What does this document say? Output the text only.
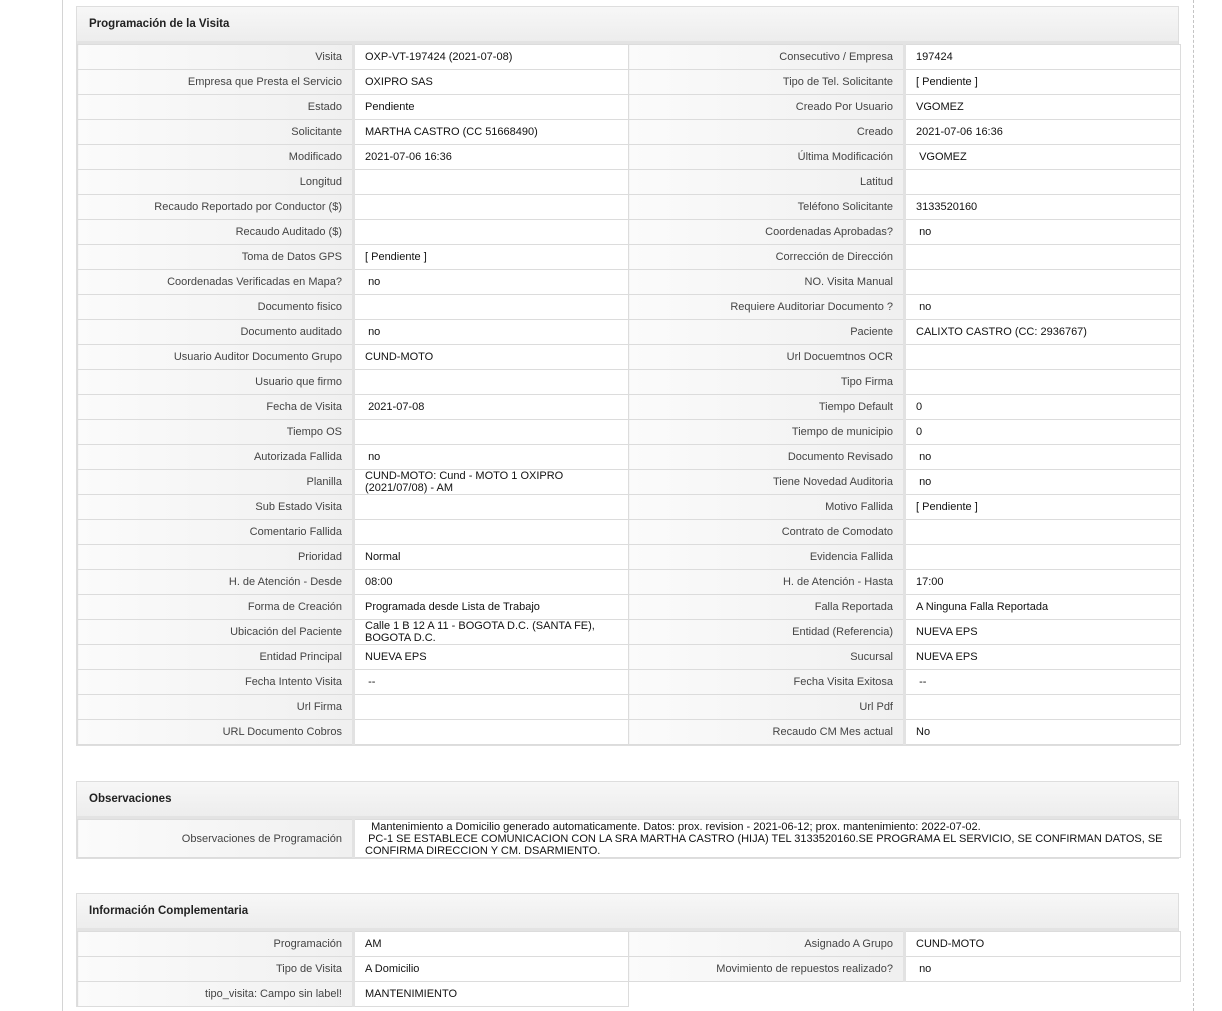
Programación de la Visita
Visita	OXP-VT-197424 (2021-07-08)	Consecutivo / Empresa	197424
Empresa que Presta el Servicio	OXIPRO SAS	Tipo de Tel. Solicitante	[ Pendiente ]
Estado	Pendiente	Creado Por Usuario	VGOMEZ
Solicitante	MARTHA CASTRO (CC 51668490)	Creado	2021-07-06 16:36
Modificado	2021-07-06 16:36	Última Modificación	VGOMEZ
Longitud		Latitud	
Recaudo Reportado por Conductor ($)		Teléfono Solicitante	3133520160
Recaudo Auditado ($)		Coordenadas Aprobadas?	no
Toma de Datos GPS	[ Pendiente ]	Corrección de Dirección	
Coordenadas Verificadas en Mapa?	no	NO. Visita Manual	
Documento fisico		Requiere Auditoriar Documento ?	no
Documento auditado	no	Paciente	CALIXTO CASTRO (CC: 2936767)
Usuario Auditor Documento Grupo	CUND-MOTO	Url Docuemtnos OCR	
Usuario que firmo		Tipo Firma	
Fecha de Visita	2021-07-08	Tiempo Default	0
Tiempo OS		Tiempo de municipio	0
Autorizada Fallida	no	Documento Revisado	no
Planilla	CUND-MOTO: Cund - MOTO 1 OXIPRO (2021/07/08) - AM	Tiene Novedad Auditoria	no
Sub Estado Visita		Motivo Fallida	[ Pendiente ]
Comentario Fallida		Contrato de Comodato	
Prioridad	Normal	Evidencia Fallida	
H. de Atención - Desde	08:00	H. de Atención - Hasta	17:00
Forma de Creación	Programada desde Lista de Trabajo	Falla Reportada	A Ninguna Falla Reportada
Ubicación del Paciente	Calle 1 B 12 A 11 - BOGOTA D.C. (SANTA FE), BOGOTA D.C.	Entidad (Referencia)	NUEVA EPS
Entidad Principal	NUEVA EPS	Sucursal	NUEVA EPS
Fecha Intento Visita	--	Fecha Visita Exitosa	--
Url Firma		Url Pdf	
URL Documento Cobros		Recaudo CM Mes actual	No
Observaciones
Observaciones de Programación	
Mantenimiento a Domicilio generado automaticamente. Datos: prox. revision - 2021-06-12; prox. mantenimiento: 2022-07-02.
PC-1 SE ESTABLECE COMUNICACION CON LA SRA MARTHA CASTRO (HIJA) TEL 3133520160.SE PROGRAMA EL SERVICIO, SE CONFIRMAN DATOS, SE CONFIRMA DIRECCION Y CM. DSARMIENTO.
Información Complementaria
Programación	AM	Asignado A Grupo	CUND-MOTO
Tipo de Visita	A Domicilio	Movimiento de repuestos realizado?	no
tipo_visita: Campo sin label!	MANTENIMIENTO		
